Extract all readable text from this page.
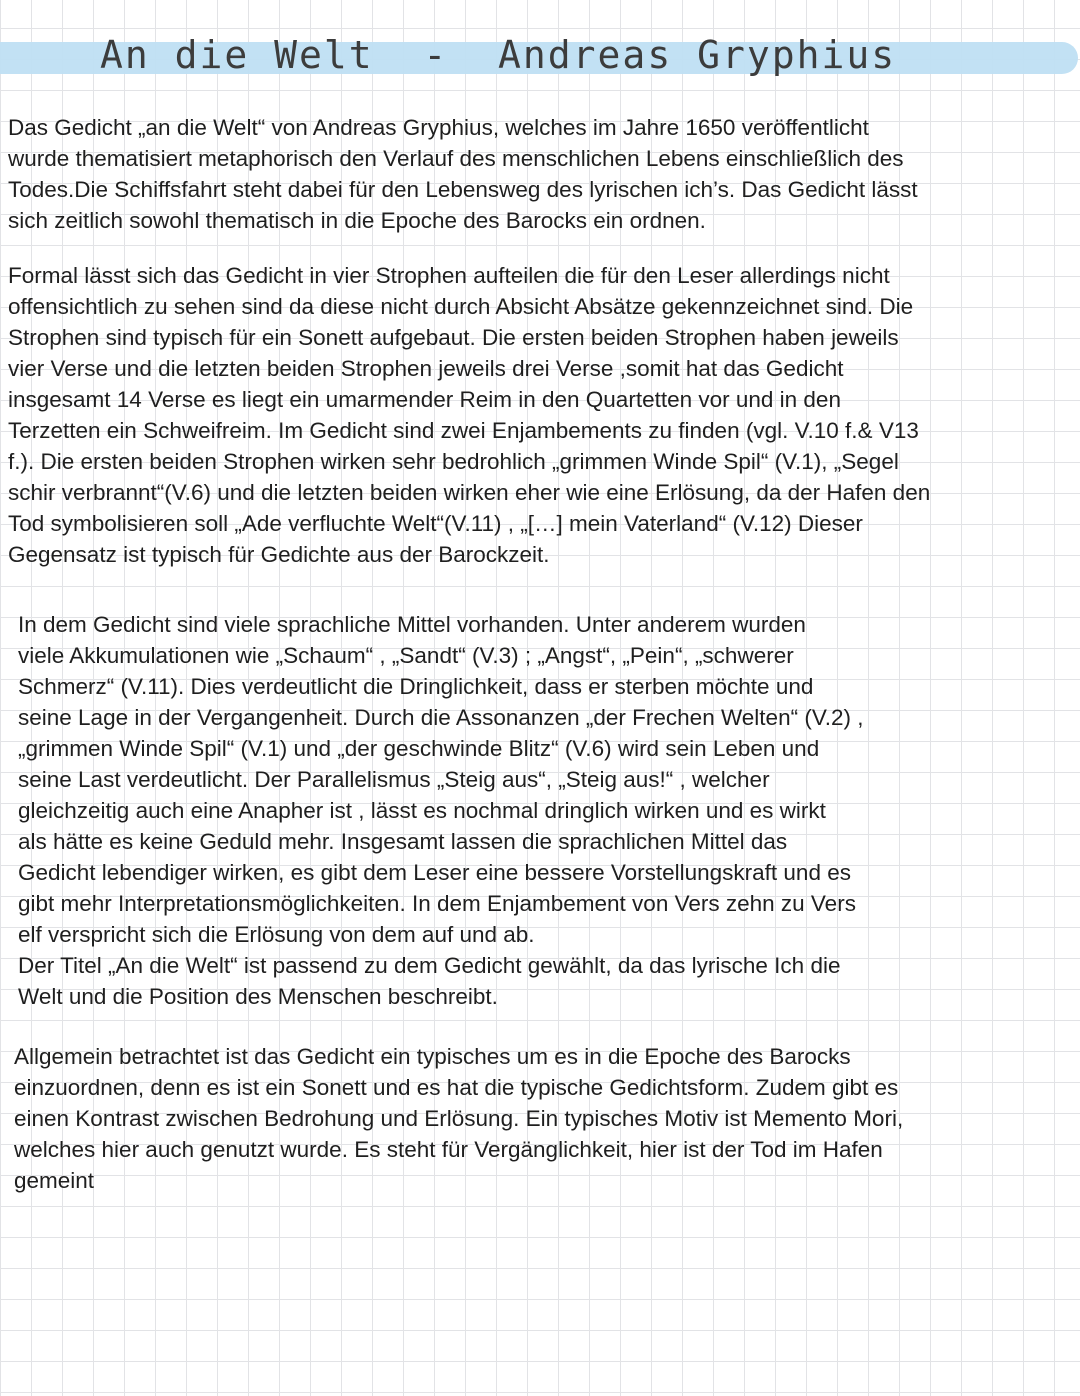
An die Welt  -  Andreas Gryphius
Das Gedicht „an die Welt“ von Andreas Gryphius, welches im Jahre 1650 veröffentlicht
wurde thematisiert metaphorisch den Verlauf des menschlichen Lebens einschließlich des
Todes.Die Schiffsfahrt steht dabei für den Lebensweg des lyrischen ich’s. Das Gedicht lässt
sich zeitlich sowohl thematisch in die Epoche des Barocks ein ordnen.
Formal lässt sich das Gedicht in vier Strophen aufteilen die für den Leser allerdings nicht
offensichtlich zu sehen sind da diese nicht durch Absicht Absätze gekennzeichnet sind. Die
Strophen sind typisch für ein Sonett aufgebaut. Die ersten beiden Strophen haben jeweils
vier Verse und die letzten beiden Strophen jeweils drei Verse ,somit hat das Gedicht
insgesamt 14 Verse es liegt ein umarmender Reim in den Quartetten vor und in den
Terzetten ein Schweifreim. Im Gedicht sind zwei Enjambements zu finden (vgl. V.10 f.& V13
f.). Die ersten beiden Strophen wirken sehr bedrohlich „grimmen Winde Spil“ (V.1), „Segel
schir verbrannt“(V.6) und die letzten beiden wirken eher wie eine Erlösung, da der Hafen den
Tod symbolisieren soll „Ade verfluchte Welt“(V.11) , „[…] mein Vaterland“ (V.12) Dieser
Gegensatz ist typisch für Gedichte aus der Barockzeit.
In dem Gedicht sind viele sprachliche Mittel vorhanden. Unter anderem wurden
viele Akkumulationen wie „Schaum“ , „Sandt“ (V.3) ; „Angst“, „Pein“, „schwerer
Schmerz“ (V.11). Dies verdeutlicht die Dringlichkeit, dass er sterben möchte und
seine Lage in der Vergangenheit. Durch die Assonanzen „der Frechen Welten“ (V.2) ,
„grimmen Winde Spil“ (V.1) und „der geschwinde Blitz“ (V.6) wird sein Leben und
seine Last verdeutlicht. Der Parallelismus „Steig aus“, „Steig aus!“ , welcher
gleichzeitig auch eine Anapher ist , lässt es nochmal dringlich wirken und es wirkt
als hätte es keine Geduld mehr. Insgesamt lassen die sprachlichen Mittel das
Gedicht lebendiger wirken, es gibt dem Leser eine bessere Vorstellungskraft und es
gibt mehr Interpretationsmöglichkeiten. In dem Enjambement von Vers zehn zu Vers
elf verspricht sich die Erlösung von dem auf und ab.
Der Titel „An die Welt“ ist passend zu dem Gedicht gewählt, da das lyrische Ich die
Welt und die Position des Menschen beschreibt.
Allgemein betrachtet ist das Gedicht ein typisches um es in die Epoche des Barocks
einzuordnen, denn es ist ein Sonett und es hat die typische Gedichtsform. Zudem gibt es
einen Kontrast zwischen Bedrohung und Erlösung. Ein typisches Motiv ist Memento Mori,
welches hier auch genutzt wurde. Es steht für Vergänglichkeit, hier ist der Tod im Hafen
gemeint
